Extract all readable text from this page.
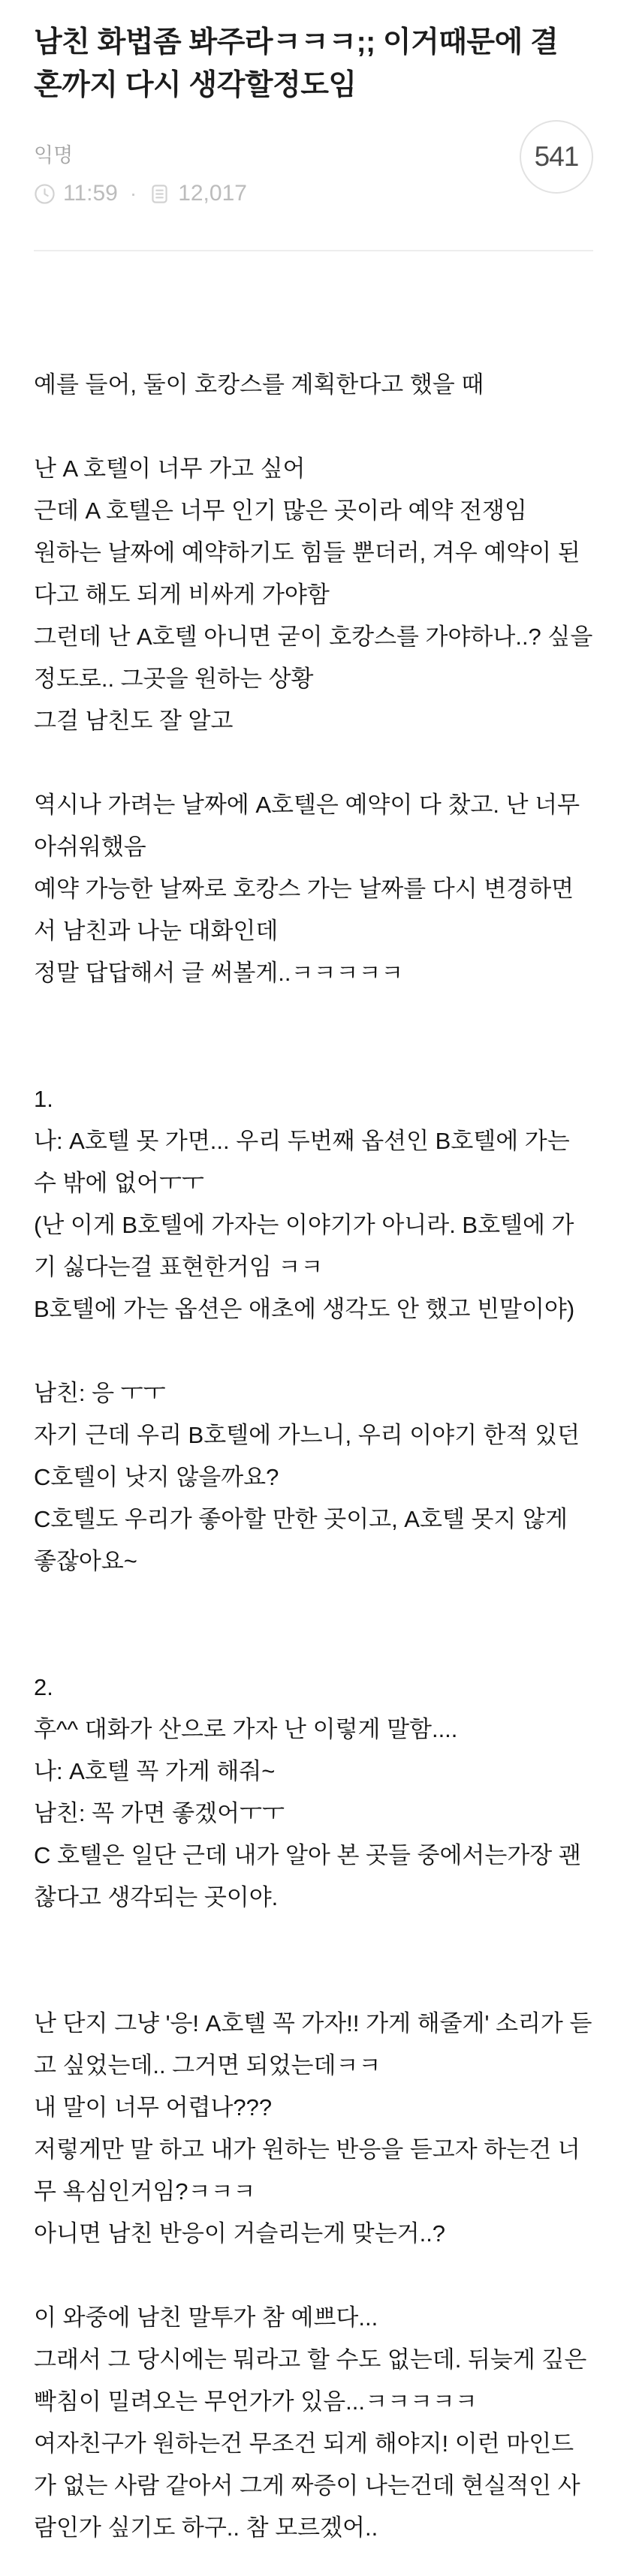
남친 화법좀 봐주라ㅋㅋㅋ;; 이거때문에 결혼까지 다시 생각할정도임
익명
11:59 · 12,017
541
예를 들어, 둘이 호캉스를 계획한다고 했을 때
난 A 호텔이 너무 가고 싶어
근데 A 호텔은 너무 인기 많은 곳이라 예약 전쟁임
원하는 날짜에 예약하기도 힘들 뿐더러, 겨우 예약이 된다고 해도 되게 비싸게 가야함
그런데 난 A호텔 아니면 굳이 호캉스를 가야하나..? 싶을 정도로.. 그곳을 원하는 상황
그걸 남친도 잘 알고
역시나 가려는 날짜에 A호텔은 예약이 다 찼고. 난 너무 아쉬워했음
예약 가능한 날짜로 호캉스 가는 날짜를 다시 변경하면서 남친과 나눈 대화인데
정말 답답해서 글 써볼게..ㅋㅋㅋㅋㅋ
1.
나: A호텔 못 가면... 우리 두번째 옵션인 B호텔에 가는 수 밖에 없어ㅜㅜ
(난 이게 B호텔에 가자는 이야기가 아니라. B호텔에 가기 싫다는걸 표현한거임 ㅋㅋ
B호텔에 가는 옵션은 애초에 생각도 안 했고 빈말이야)
남친: 응 ㅜㅜ
자기 근데 우리 B호텔에 가느니, 우리 이야기 한적 있던 C호텔이 낫지 않을까요?
C호텔도 우리가 좋아할 만한 곳이고, A호텔 못지 않게 좋잖아요~
2.
후^^ 대화가 산으로 가자 난 이렇게 말함....
나: A호텔 꼭 가게 해줘~
남친: 꼭 가면 좋겠어ㅜㅜ
C 호텔은 일단 근데 내가 알아 본 곳들 중에서는가장 괜찮다고 생각되는 곳이야.
난 단지 그냥 '응! A호텔 꼭 가자!! 가게 해줄게' 소리가 듣고 싶었는데.. 그거면 되었는데ㅋㅋ
내 말이 너무 어렵나???
저렇게만 말 하고 내가 원하는 반응을 듣고자 하는건 너무 욕심인거임?ㅋㅋㅋ
아니면 남친 반응이 거슬리는게 맞는거..?
이 와중에 남친 말투가 참 예쁘다...
그래서 그 당시에는 뭐라고 할 수도 없는데. 뒤늦게 깊은 빡침이 밀려오는 무언가가 있음...ㅋㅋㅋㅋㅋ
여자친구가 원하는건 무조건 되게 해야지! 이런 마인드가 없는 사람 같아서 그게 짜증이 나는건데 현실적인 사람인가 싶기도 하구.. 참 모르겠어..
